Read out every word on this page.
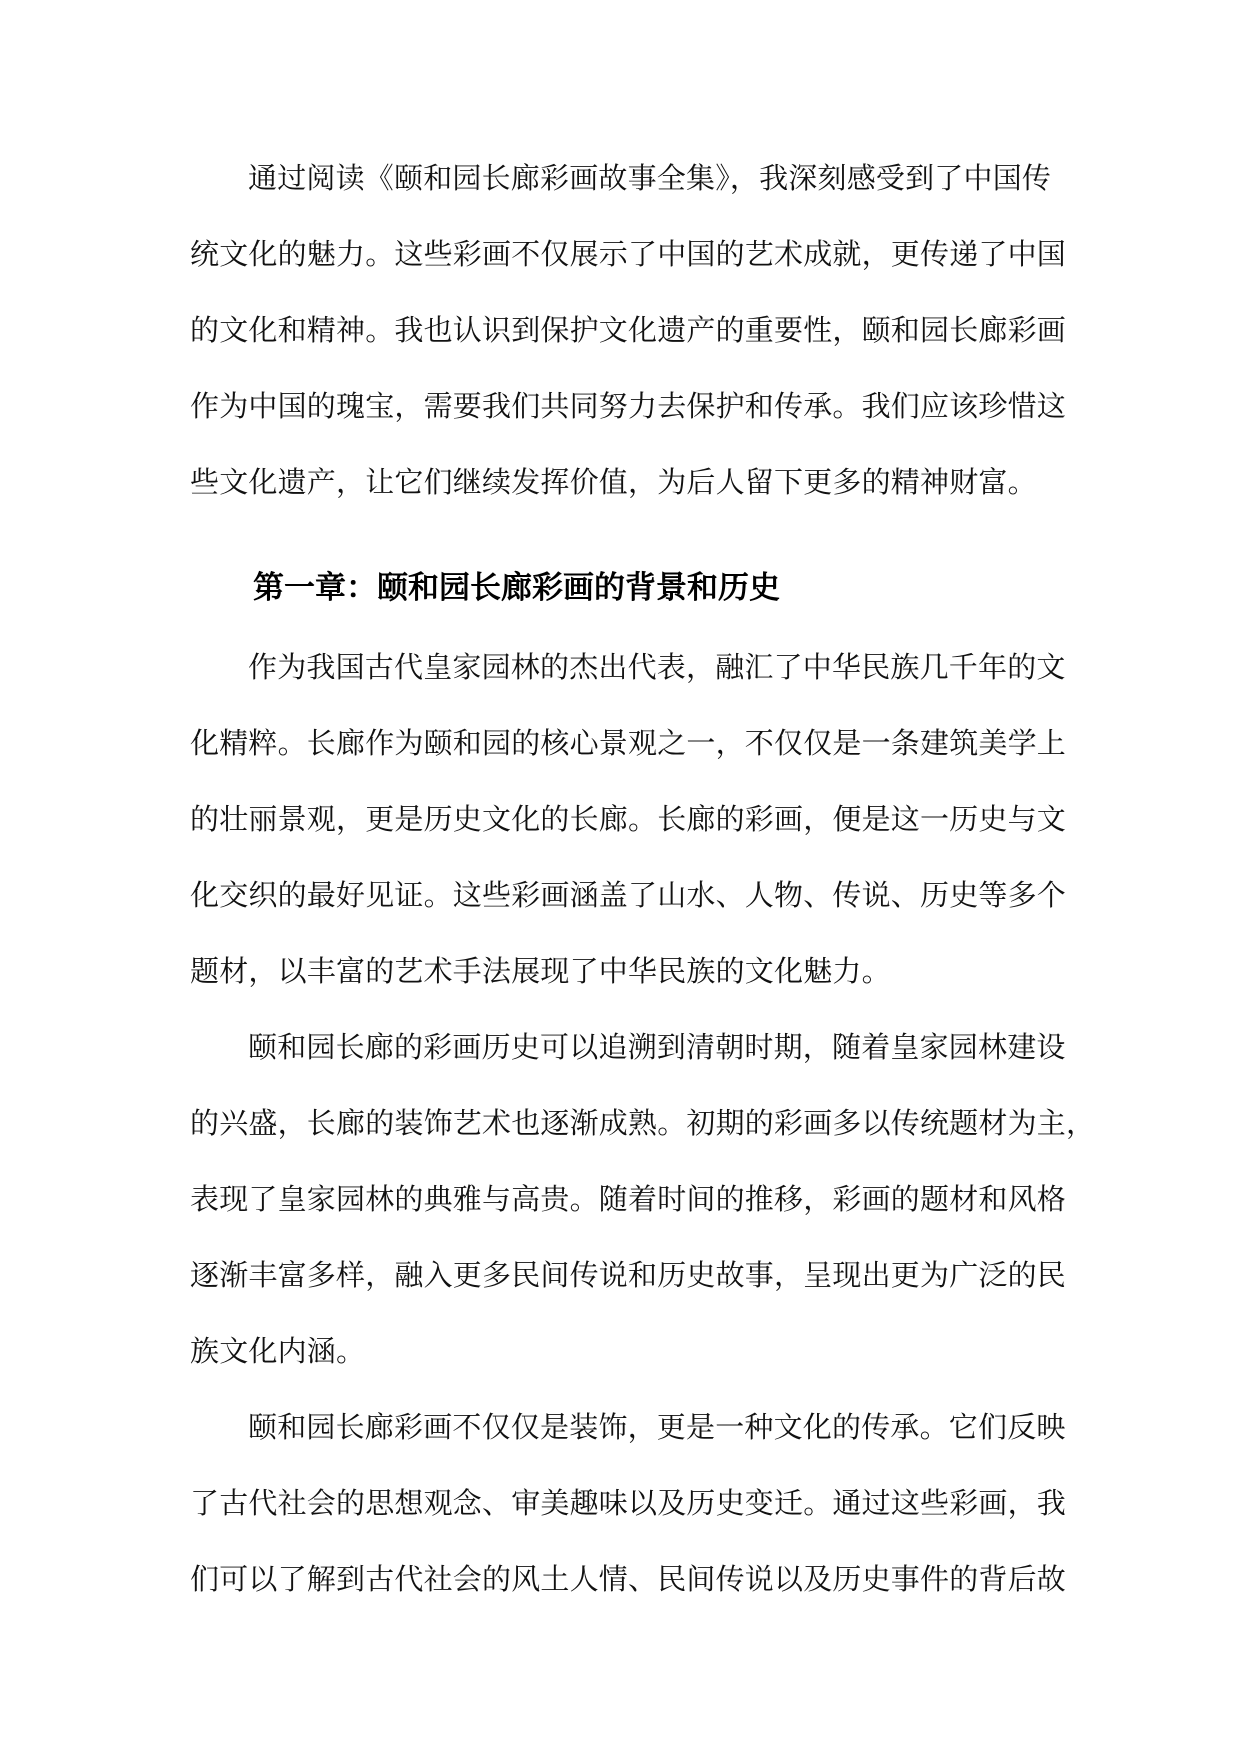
通过阅读《颐和园长廊彩画故事全集》，我深刻感受到了中国传
统文化的魅力。这些彩画不仅展示了中国的艺术成就，更传递了中国
的文化和精神。我也认识到保护文化遗产的重要性，颐和园长廊彩画
作为中国的瑰宝，需要我们共同努力去保护和传承。我们应该珍惜这
些文化遗产，让它们继续发挥价值，为后人留下更多的精神财富。
第一章：颐和园长廊彩画的背景和历史
作为我国古代皇家园林的杰出代表，融汇了中华民族几千年的文
化精粹。长廊作为颐和园的核心景观之一，不仅仅是一条建筑美学上
的壮丽景观，更是历史文化的长廊。长廊的彩画，便是这一历史与文
化交织的最好见证。这些彩画涵盖了山水、人物、传说、历史等多个
题材，以丰富的艺术手法展现了中华民族的文化魅力。
颐和园长廊的彩画历史可以追溯到清朝时期，随着皇家园林建设
的兴盛，长廊的装饰艺术也逐渐成熟。初期的彩画多以传统题材为主，
表现了皇家园林的典雅与高贵。随着时间的推移，彩画的题材和风格
逐渐丰富多样，融入更多民间传说和历史故事，呈现出更为广泛的民
族文化内涵。
颐和园长廊彩画不仅仅是装饰，更是一种文化的传承。它们反映
了古代社会的思想观念、审美趣味以及历史变迁。通过这些彩画，我
们可以了解到古代社会的风土人情、民间传说以及历史事件的背后故
